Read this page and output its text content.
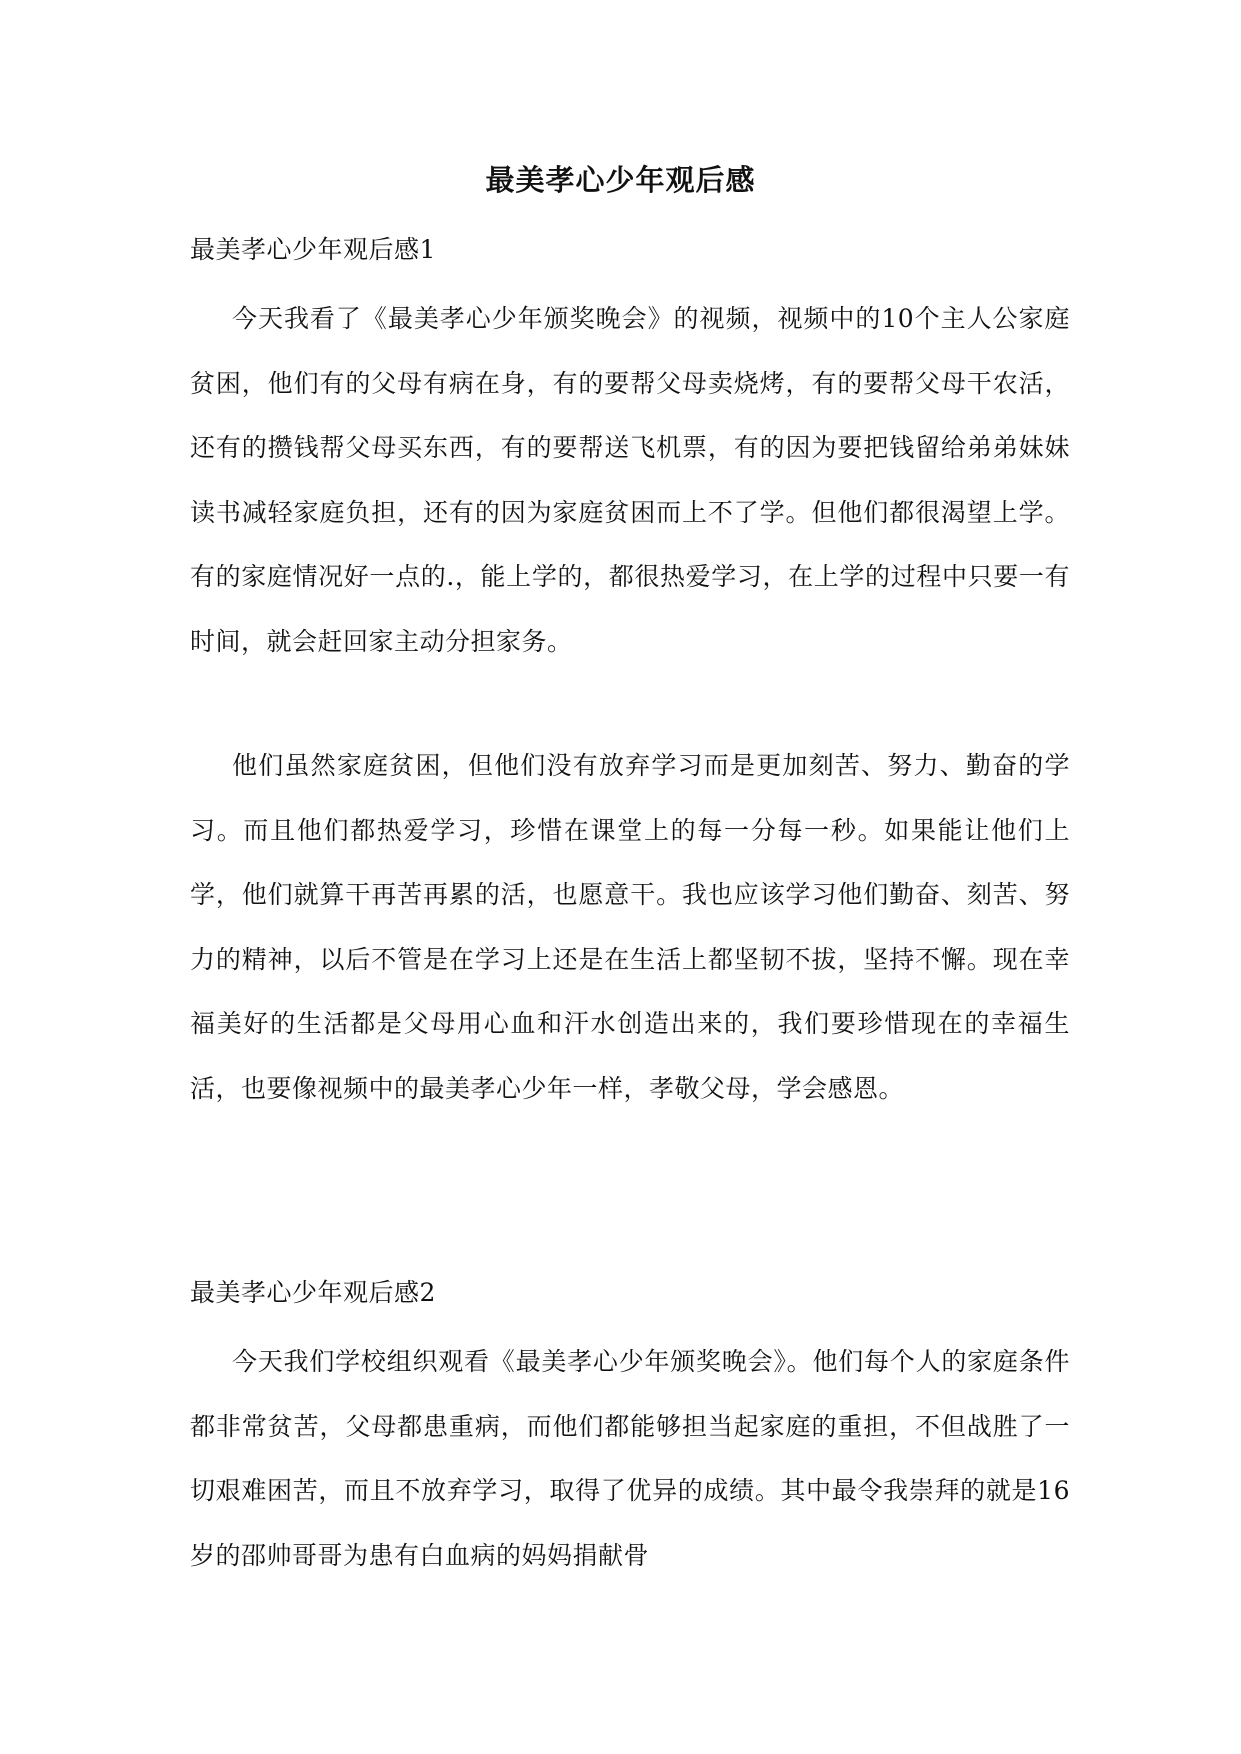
最美孝心少年观后感

最美孝心少年观后感1

今天我看了《最美孝心少年颁奖晚会》的视频，视频中的10个主人公家庭贫困，他们有的父母有病在身，有的要帮父母卖烧烤，有的要帮父母干农活，还有的攒钱帮父母买东西，有的要帮送飞机票，有的因为要把钱留给弟弟妹妹读书减轻家庭负担，还有的因为家庭贫困而上不了学。但他们都很渴望上学。有的家庭情况好一点的.，能上学的，都很热爱学习，在上学的过程中只要一有时间，就会赶回家主动分担家务。

他们虽然家庭贫困，但他们没有放弃学习而是更加刻苦、努力、勤奋的学习。而且他们都热爱学习，珍惜在课堂上的每一分每一秒。如果能让他们上学，他们就算干再苦再累的活，也愿意干。我也应该学习他们勤奋、刻苦、努力的精神，以后不管是在学习上还是在生活上都坚韧不拔，坚持不懈。现在幸福美好的生活都是父母用心血和汗水创造出来的，我们要珍惜现在的幸福生活，也要像视频中的最美孝心少年一样，孝敬父母，学会感恩。

最美孝心少年观后感2

今天我们学校组织观看《最美孝心少年颁奖晚会》。他们每个人的家庭条件都非常贫苦，父母都患重病，而他们都能够担当起家庭的重担，不但战胜了一切艰难困苦，而且不放弃学习，取得了优异的成绩。其中最令我崇拜的就是16岁的邵帅哥哥为患有白血病的妈妈捐献骨
